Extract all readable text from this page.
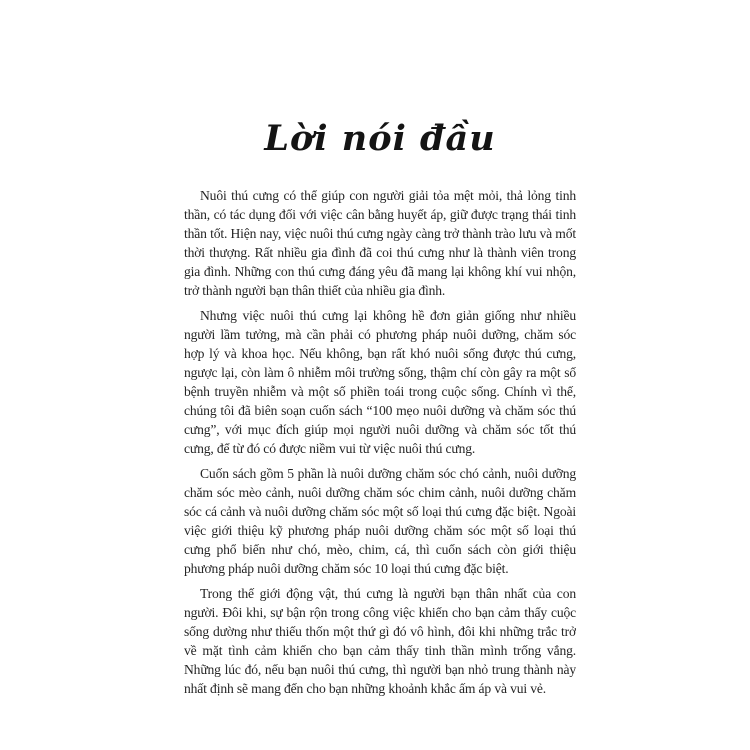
Lời nói đầu

Nuôi thú cưng có thể giúp con người giải tỏa mệt mỏi, thả lỏng tinh thần, có tác dụng đối với việc cân bằng huyết áp, giữ được trạng thái tinh thần tốt. Hiện nay, việc nuôi thú cưng ngày càng trở thành trào lưu và mốt thời thượng. Rất nhiều gia đình đã coi thú cưng như là thành viên trong gia đình. Những con thú cưng đáng yêu đã mang lại không khí vui nhộn, trở thành người bạn thân thiết của nhiều gia đình.

Nhưng việc nuôi thú cưng lại không hề đơn giản giống như nhiều người lầm tưởng, mà cần phải có phương pháp nuôi dưỡng, chăm sóc hợp lý và khoa học. Nếu không, bạn rất khó nuôi sống được thú cưng, ngược lại, còn làm ô nhiễm môi trường sống, thậm chí còn gây ra một số bệnh truyền nhiễm và một số phiền toái trong cuộc sống. Chính vì thế, chúng tôi đã biên soạn cuốn sách “100 mẹo nuôi dưỡng và chăm sóc thú cưng”, với mục đích giúp mọi người nuôi dưỡng và chăm sóc tốt thú cưng, để từ đó có được niềm vui từ việc nuôi thú cưng.

Cuốn sách gồm 5 phần là nuôi dưỡng chăm sóc chó cảnh, nuôi dưỡng chăm sóc mèo cảnh, nuôi dưỡng chăm sóc chim cảnh, nuôi dưỡng chăm sóc cá cảnh và nuôi dưỡng chăm sóc một số loại thú cưng đặc biệt. Ngoài việc giới thiệu kỹ phương pháp nuôi dưỡng chăm sóc một số loại thú cưng phổ biến như chó, mèo, chim, cá, thì cuốn sách còn giới thiệu phương pháp nuôi dưỡng chăm sóc 10 loại thú cưng đặc biệt.

Trong thế giới động vật, thú cưng là người bạn thân nhất của con người. Đôi khi, sự bận rộn trong công việc khiến cho bạn cảm thấy cuộc sống dường như thiếu thốn một thứ gì đó vô hình, đôi khi những trắc trở về mặt tình cảm khiến cho bạn cảm thấy tinh thần mình trống vắng. Những lúc đó, nếu bạn nuôi thú cưng, thì người bạn nhỏ trung thành này nhất định sẽ mang đến cho bạn những khoảnh khắc ấm áp và vui vẻ.
